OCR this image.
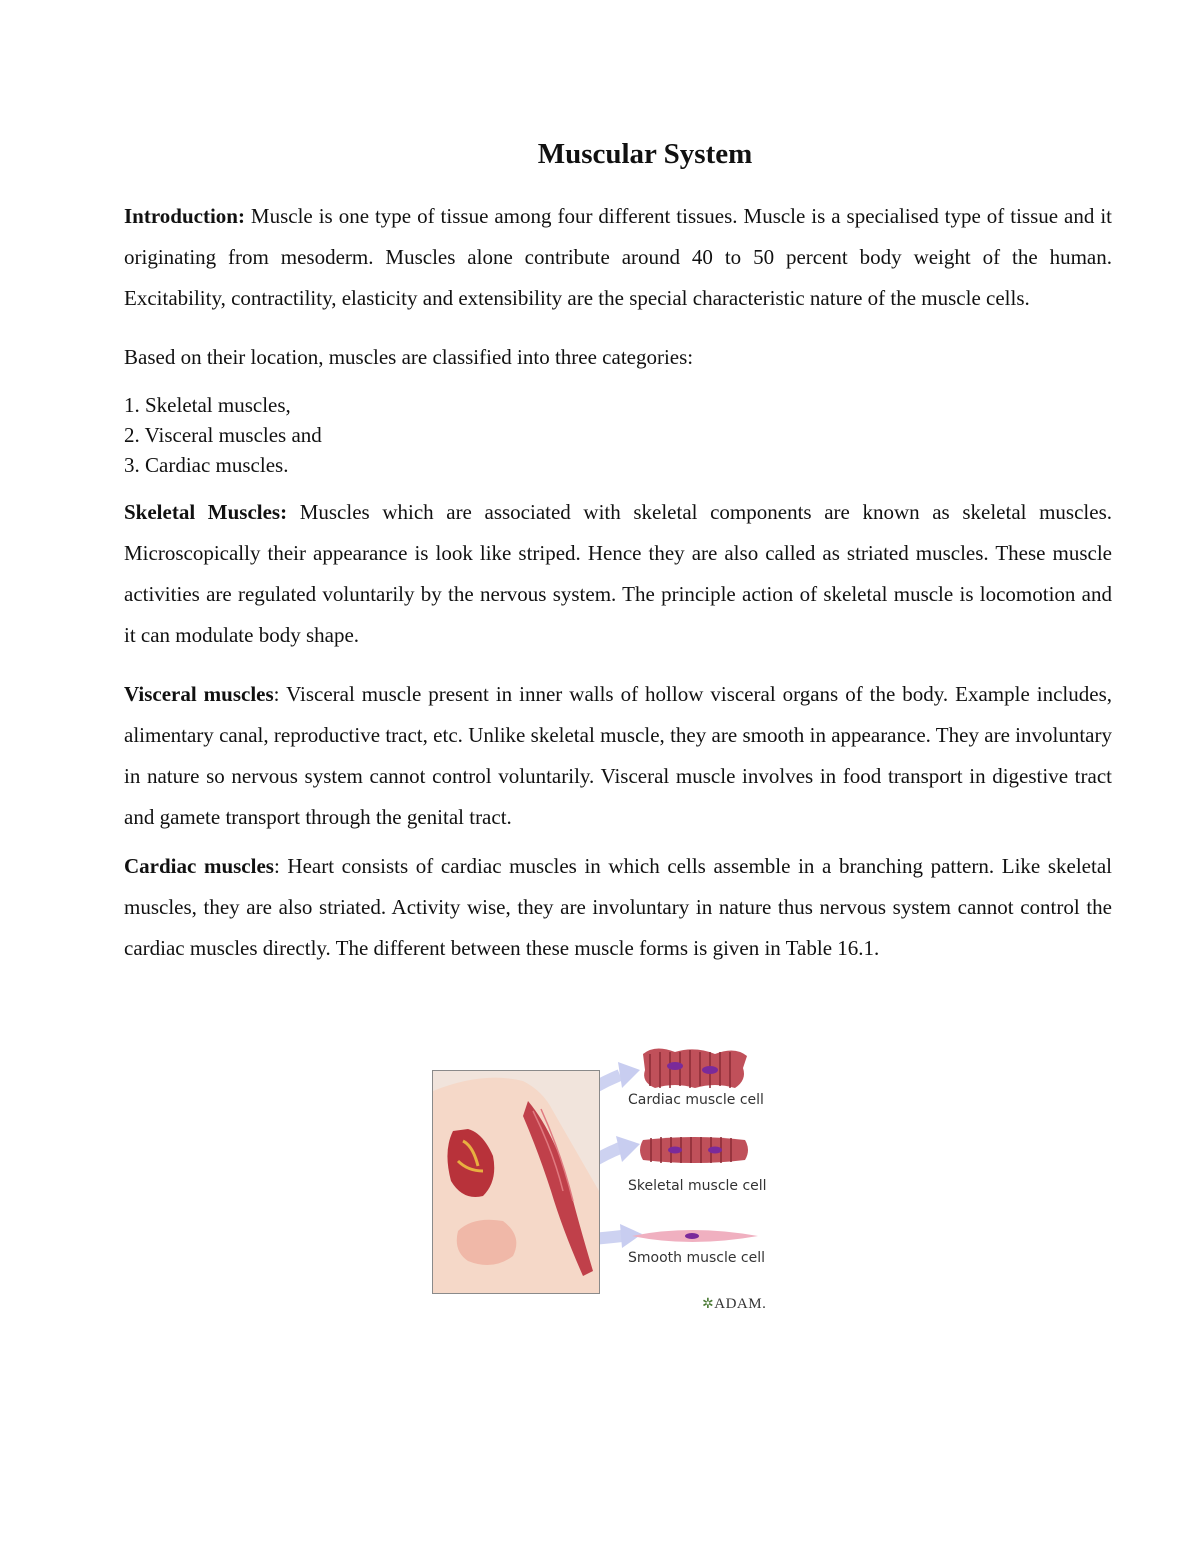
Muscular System

Introduction: Muscle is one type of tissue among four different tissues. Muscle is a specialised type of tissue and it originating from mesoderm. Muscles alone contribute around 40 to 50 percent body weight of the human. Excitability, contractility, elasticity and extensibility are the special characteristic nature of the muscle cells.

Based on their location, muscles are classified into three categories:

1. Skeletal muscles,
2. Visceral muscles and
3. Cardiac muscles.

Skeletal Muscles: Muscles which are associated with skeletal components are known as skeletal muscles. Microscopically their appearance is look like striped. Hence they are also called as striated muscles. These muscle activities are regulated voluntarily by the nervous system. The principle action of skeletal muscle is locomotion and it can modulate body shape.

Visceral muscles: Visceral muscle present in inner walls of hollow visceral organs of the body. Example includes, alimentary canal, reproductive tract, etc. Unlike skeletal muscle, they are smooth in appearance. They are involuntary in nature so nervous system cannot control voluntarily. Visceral muscle involves in food transport in digestive tract and gamete transport through the genital tract.

Cardiac muscles: Heart consists of cardiac muscles in which cells assemble in a branching pattern. Like skeletal muscles, they are also striated. Activity wise, they are involuntary in nature thus nervous system cannot control the cardiac muscles directly. The different between these muscle forms is given in Table 16.1.

Cardiac muscle cell
Skeletal muscle cell
Smooth muscle cell
✲ADAM.
